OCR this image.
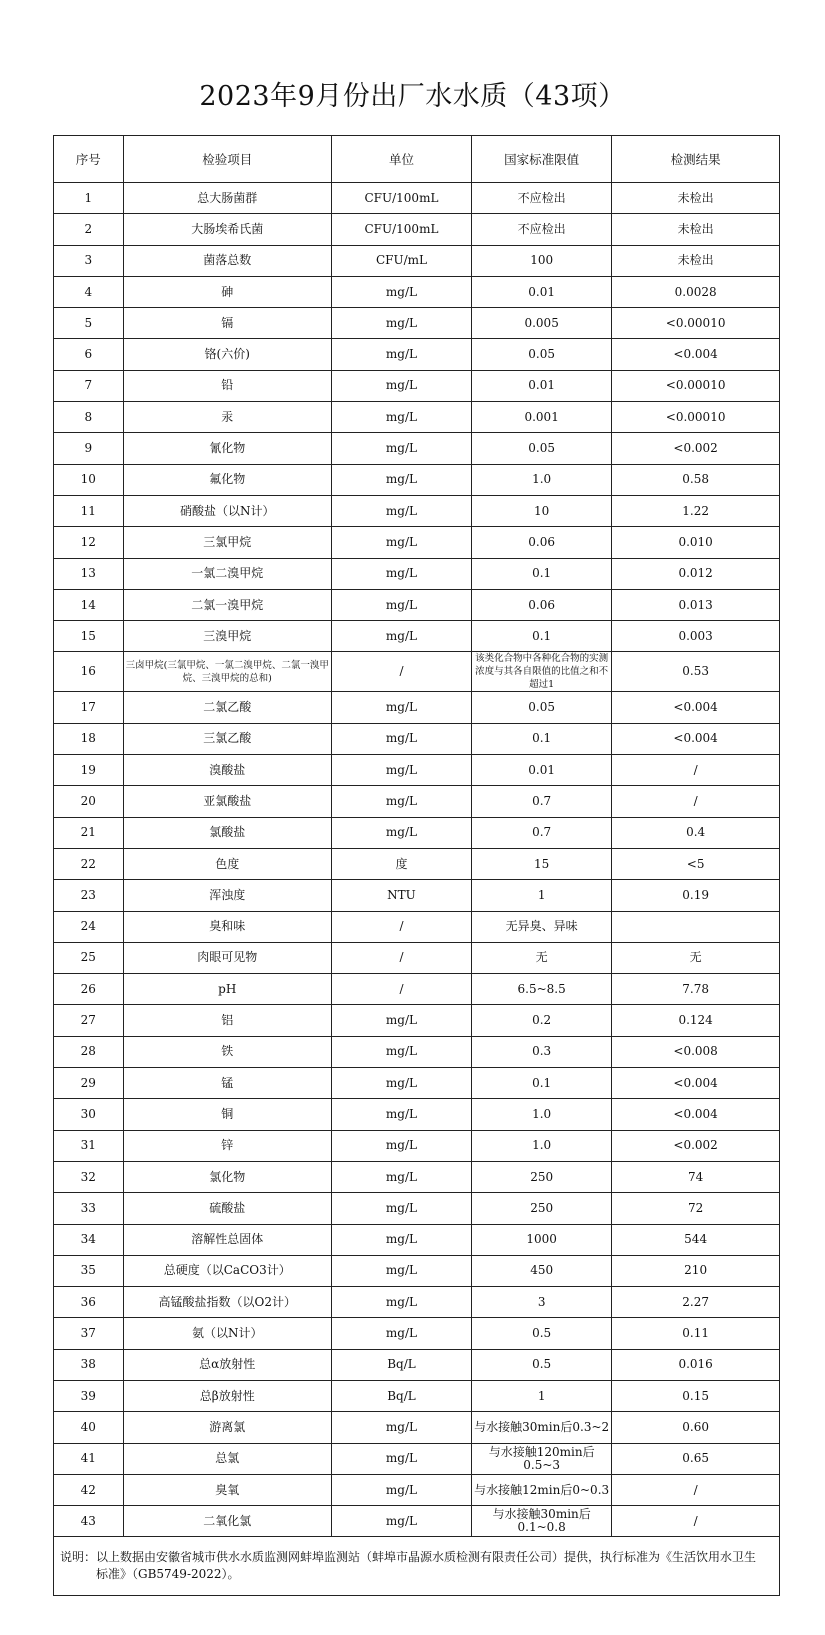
2023年9月份出厂水水质（43项）
序号	检验项目	单位	国家标准限值	检测结果
1	总大肠菌群	CFU/100mL	不应检出	未检出
2	大肠埃希氏菌	CFU/100mL	不应检出	未检出
3	菌落总数	CFU/mL	100	未检出
4	砷	mg/L	0.01	0.0028
5	镉	mg/L	0.005	<0.00010
6	铬(六价)	mg/L	0.05	<0.004
7	铅	mg/L	0.01	<0.00010
8	汞	mg/L	0.001	<0.00010
9	氰化物	mg/L	0.05	<0.002
10	氟化物	mg/L	1.0	0.58
11	硝酸盐（以N计）	mg/L	10	1.22
12	三氯甲烷	mg/L	0.06	0.010
13	一氯二溴甲烷	mg/L	0.1	0.012
14	二氯一溴甲烷	mg/L	0.06	0.013
15	三溴甲烷	mg/L	0.1	0.003
16	三卤甲烷(三氯甲烷、一氯二溴甲烷、二氯一溴甲烷、三溴甲烷的总和)	/	该类化合物中各种化合物的实测浓度与其各自限值的比值之和不超过1	0.53
17	二氯乙酸	mg/L	0.05	<0.004
18	三氯乙酸	mg/L	0.1	<0.004
19	溴酸盐	mg/L	0.01	/
20	亚氯酸盐	mg/L	0.7	/
21	氯酸盐	mg/L	0.7	0.4
22	色度	度	15	<5
23	浑浊度	NTU	1	0.19
24	臭和味	/	无异臭、异味	
25	肉眼可见物	/	无	无
26	pH	/	6.5~8.5	7.78
27	铝	mg/L	0.2	0.124
28	铁	mg/L	0.3	<0.008
29	锰	mg/L	0.1	<0.004
30	铜	mg/L	1.0	<0.004
31	锌	mg/L	1.0	<0.002
32	氯化物	mg/L	250	74
33	硫酸盐	mg/L	250	72
34	溶解性总固体	mg/L	1000	544
35	总硬度（以CaCO3计）	mg/L	450	210
36	高锰酸盐指数（以O2计）	mg/L	3	2.27
37	氨（以N计）	mg/L	0.5	0.11
38	总α放射性	Bq/L	0.5	0.016
39	总β放射性	Bq/L	1	0.15
40	游离氯	mg/L	与水接触30min后0.3~2	0.60
41	总氯	mg/L	与水接触120min后0.5~3	0.65
42	臭氧	mg/L	与水接触12min后0~0.3	/
43	二氧化氯	mg/L	与水接触30min后0.1~0.8	/
说明：以上数据由安徽省城市供水水质监测网蚌埠监测站（蚌埠市晶源水质检测有限责任公司）提供，执行标准为《生活饮用水卫生
标准》（GB5749-2022）。
